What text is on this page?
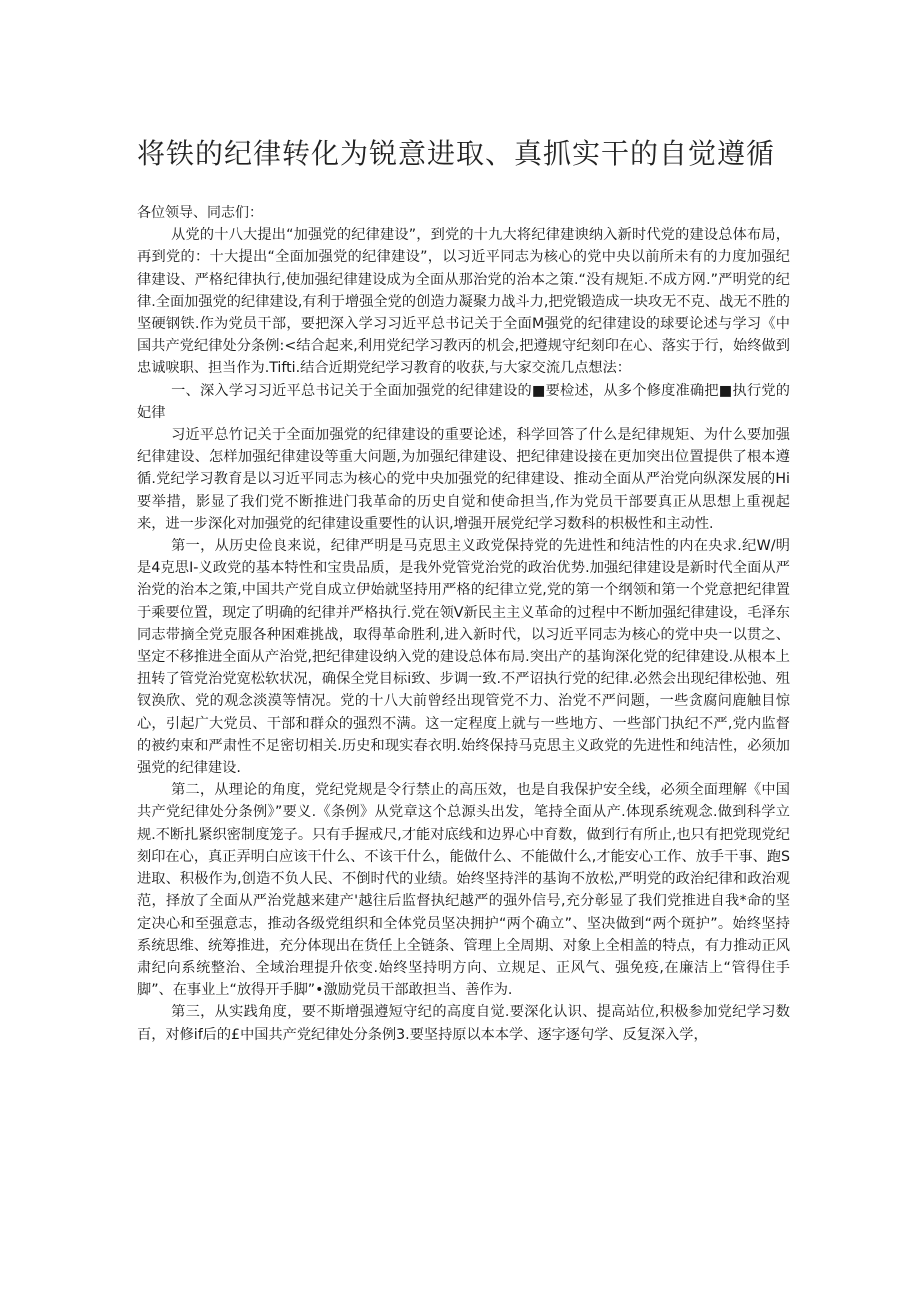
将铁的纪律转化为锐意进取、真抓实干的自觉遵循

各位领导、同志们：

从党的十八大提出“加强党的纪律建设”，到党的十九大将纪律建谀纳入新时代党的建设总体布局，再到党的：十大提出“全面加强党的纪律建设”，以习近平同志为核心的党中央以前所未有的力度加强纪律建设、严格纪律执行,使加强纪律建设成为全面从那治党的治本之策.“没有规矩.不成方网.”严明党的纪律.全面加强党的纪律建设,有利于增强全党的创造力凝聚力战斗力,把党锻造成一块攻无不克、战无不胜的坚硬钢铁.作为党员干部，要把深入学习习近平总书记关于全面M强党的纪律建设的球要论述与学习《中国共产党纪律处分条例:<结合起来,利用党纪学习教丙的机会,把遵规守纪刻印在心、落实于行，始终做到忠诚唳职、担当作为.Tifti.结合近期党纪学习教育的收获,与大家交流几点想法：

一、深入学习习近平总书记关于全面加强党的纪律建设的■要检述，从多个修度准确把■执行党的妃律

习近平总竹记关于全面加强党的纪律建设的重要论述，科学回答了什么是纪律规矩、为什么要加强纪律建设、怎样加强纪律建设等重大问题,为加强纪律建设、把纪律建设接在更加突出位置提供了根本遵循.党纪学习教育是以习近平同志为核心的党中央加强党的纪律建设、推动全面从严治党向纵深发展的Hi要举措，影显了我们党不断推进门我革命的历史自觉和使命担当,作为党员干部要真正从思想上重视起来，进一步深化对加强党的纪律建设重要性的认识,增强开展党纪学习数科的枳极性和主动性.

第一，从历史俭良来说，纪律严明是马克思主义政党保持党的先进性和纯洁性的内在央求.纪W/明是4克思I-义政党的基本特性和宝贵品质，是我外党管党治党的政治优势.加强纪律建设是新时代全面从严治党的治本之策,中国共产党自成立伊始就坚持用严格的纪律立党,党的第一个纲领和第一个党意把纪律置于乘要位置，现定了明确的纪律并严格执行.党在领V新民主主义革命的过程中不断加强纪律建设，毛泽东同志带摘全党克服各种困难挑战，取得革命胜利,进入新时代，以习近平同志为核心的党中央一以贯之、坚定不移推进全面从产治党,把纪律建设纳入党的建设总体布局.突出产的基询深化党的纪律建设.从根本上扭转了管党治党宽松软状况，确保全党目标i致、步调一致.不严诏执行党的纪律.必然会出现纪律松弛、殂钗涣欣、党的观念淡漠等情况。党的十八大前曾经出现管党不力、治党不严问题，一些贪腐问鹿触目惊心，引起广大党员、干部和群众的强烈不满。这一定程度上就与一些地方、一些部门执纪不严,党内监督的被约束和严肃性不足密切相关.历史和现实春衣明.始终保持马克思主义政党的先进性和纯洁性，必须加强党的纪律建设.

第二，从理论的角度，党纪党规是令行禁止的高压效，也是自我保护安全线，必须全面理解《中国共产党纪律处分条例》”要义.《条例》从党章这个总源头出发，笔持全面从产.体现系统观念.做到科学立规.不断扎紧织密制度笼子。只有手握戒尺,才能对底线和边界心中育数，做到行有所止,也只有把党现党纪刻印在心，真正弄明白应该干什么、不该干什么，能做什么、不能做什么,才能安心工作、放手干事、跑S进取、积极作为,创造不负人民、不倒时代的业绩。始终坚持泮的基询不放松,严明党的政治纪律和政治观范，择放了全面从严治党越来建产'越往后监督执纪越严的强外信号,充分彰显了我们党推进自我*命的坚定决心和至强意志，推动各级党组织和全体党员坚决拥护“两个确立”、坚决做到“两个斑护”。始终坚持系统思维、统筹推进，充分体现出在货任上全链条、管理上全周期、对象上全相盖的特点，有力推动正风肃纪向系统整治、全域治理提升依变.始终坚持明方向、立规足、正风气、强免疫,在廉洁上“管得住手脚”、在事业上“放得开手脚”•激励党员干部敢担当、善作为.

第三，从实践角度，要不斯增强遵短守纪的高度自觉.要深化认识、提高站位,积极参加党纪学习数百，对修if后的£中国共产党纪律处分条例3.要坚持原以本本学、逐字逐句学、反复深入学，
